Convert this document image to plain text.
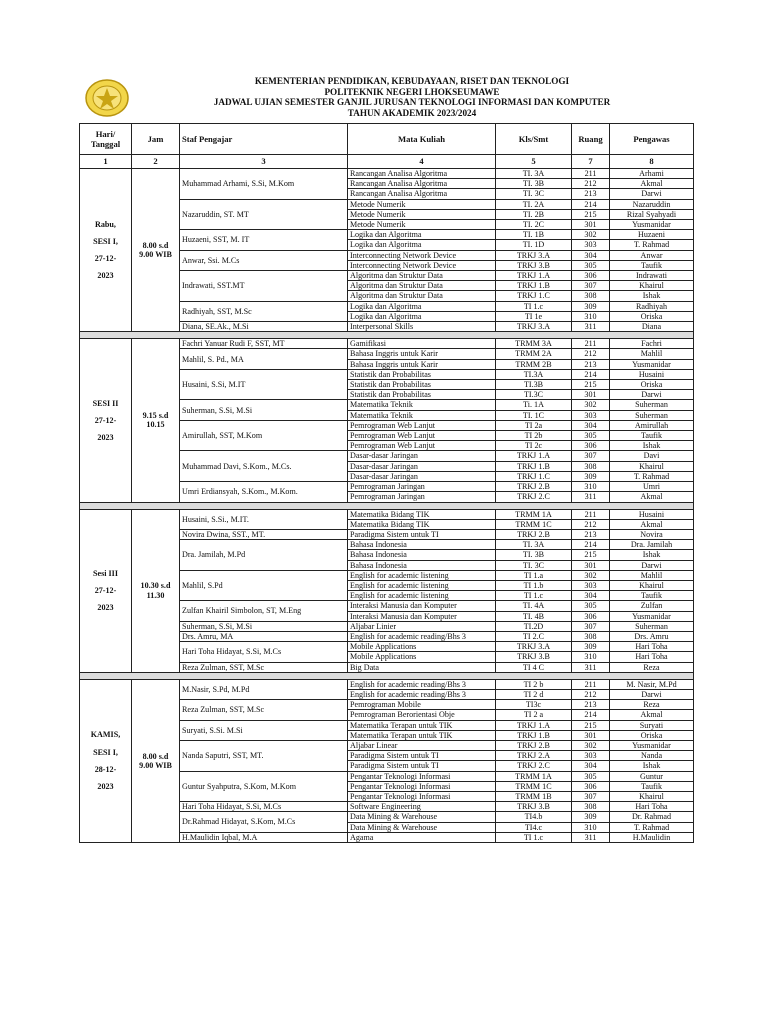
KEMENTERIAN PENDIDIKAN, KEBUDAYAAN, RISET DAN TEKNOLOGI
POLITEKNIK NEGERI LHOKSEUMAWE
JADWAL UJIAN SEMESTER GANJIL JURUSAN TEKNOLOGI INFORMASI DAN KOMPUTER
TAHUN AKADEMIK 2023/2024
Hari/ Tanggal	Jam	Staf Pengajar	Mata Kuliah	Kls/Smt	Ruang	Pengawas
1	2	3	4	5	7	8

Rabu,
SESI I,
27-12-
2023	8.00 s.d
9.00 WIB	Muhammad Arhami, S.Si, M.Kom	Rancangan Analisa Algoritma	TI. 3A	211	Arhami
			Rancangan Analisa Algoritma	TI. 3B	212	Akmal
			Rancangan Analisa Algoritma	TI. 3C	213	Darwi
		Nazaruddin, ST. MT	Metode Numerik	TI. 2A	214	Nazaruddin
			Metode Numerik	TI. 2B	215	Rizal Syahyadi
			Metode Numerik	TI. 2C	301	Yusmanidar
		Huzaeni, SST, M. IT	Logika dan Algoritma	TI. 1B	302	Huzaeni
			Logika dan Algoritma	TI. 1D	303	T. Rahmad
		Anwar, Ssi. M.Cs	Interconnecting Network Device	TRKJ 3.A	304	Anwar
			Interconnecting Network Device	TRKJ 3.B	305	Taufik
		Indrawati, SST.MT	Algoritma dan Struktur Data	TRKJ 1.A	306	Indrawati
			Algoritma dan Struktur Data	TRKJ 1.B	307	Khairul
			Algoritma dan Struktur Data	TRKJ 1.C	308	Ishak
		Radhiyah, SST, M.Sc	Logika dan Algoritma	TI 1.c	309	Radhiyah
			Logika dan Algoritma	TI 1e	310	Oriska
		Diana, SE.Ak., M.Si	Interpersonal Skills	TRKJ 3.A	311	Diana

SESI II
27-12-
2023	9.15 s.d
10.15	Fachri Yanuar Rudi F, SST, MT	Gamifikasi	TRMM 3A	211	Fachri
		Mahlil, S. Pd., MA	Bahasa Inggris untuk Karir	TRMM 2A	212	Mahlil
			Bahasa Inggris untuk Karir	TRMM 2B	213	Yusmanidar
		Husaini, S.Si, M.IT	Statistik dan Probabilitas	TI.3A	214	Husaini
			Statistik dan Probabilitas	TI.3B	215	Oriska
			Statistik dan Probabilitas	TI.3C	301	Darwi
		Suherman, S.Si, M.Si	Matematika Teknik	Ti. 1A	302	Suherman
			Matematika Teknik	TI. 1C	303	Suherman
		Amirullah, SST, M.Kom	Pemrograman Web Lanjut	TI 2a	304	Amirullah
			Pemrograman Web Lanjut	TI 2b	305	Taufik
			Pemrograman Web Lanjut	TI 2c	306	Ishak
		Muhammad Davi, S.Kom., M.Cs.	Dasar-dasar Jaringan	TRKJ 1.A	307	Davi
			Dasar-dasar Jaringan	TRKJ 1.B	308	Khairul
			Dasar-dasar Jaringan	TRKJ 1.C	309	T. Rahmad
		Umri Erdiansyah, S.Kom., M.Kom.	Pemrograman Jaringan	TRKJ 2.B	310	Umri
			Pemrograman Jaringan	TRKJ 2.C	311	Akmal

Sesi III
27-12-
2023	10.30 s.d
11.30	Husaini, S.Si., M.IT.	Matematika Bidang TIK	TRMM 1A	211	Husaini
			Matematika Bidang TIK	TRMM 1C	212	Akmal
		Novira Dwina, SST., MT.	Paradigma Sistem untuk TI	TRKJ 2.B	213	Novira
		Dra. Jamilah, M.Pd	Bahasa Indonesia	TI. 3A	214	Dra. Jamilah
			Bahasa Indonesia	TI. 3B	215	Ishak
			Bahasa Indonesia	TI. 3C	301	Darwi
		Mahlil, S.Pd	English for academic listening	TI 1.a	302	Mahlil
			English for academic listening	TI 1.b	303	Khairul
			English for academic listening	TI 1.c	304	Taufik
		Zulfan Khairil Simbolon, ST, M.Eng	Interaksi Manusia dan Komputer	TI. 4A	305	Zulfan
			Interaksi Manusia dan Komputer	TI. 4B	306	Yusmanidar
		Suherman, S.Si, M.Si	Aljabar Linier	TI.2D	307	Suherman
		Drs. Amru, MA	English for academic reading/Bhs 3	TI 2.C	308	Drs. Amru
		Hari Toha Hidayat, S.Si, M.Cs	Mobile Applications	TRKJ 3.A	309	Hari Toha
			Mobile Applications	TRKJ 3.B	310	Hari Toha
		Reza Zulman, SST, M.Sc	Big Data	TI 4 C	311	Reza

KAMIS,
SESI I,
28-12-
2023	8.00 s.d
9.00 WIB	M.Nasir, S.Pd, M.Pd	English for academic reading/Bhs 3	TI 2 b	211	M. Nasir, M.Pd
			English for academic reading/Bhs 3	TI 2 d	212	Darwi
		Reza Zulman, SST, M.Sc	Pemrograman Mobile	TI3c	213	Reza
			Pemrograman Berorientasi Obje	TI 2 a	214	Akmal
		Suryati, S.Si. M.Si	Matematika Terapan untuk TIK	TRKJ 1.A	215	Suryati
			Matematika Terapan untuk TIK	TRKJ 1.B	301	Oriska
		Nanda Saputri, SST, MT.	Aljabar Linear	TRKJ 2.B	302	Yusmanidar
			Paradigma Sistem untuk TI	TRKJ 2.A	303	Nanda
			Paradigma Sistem untuk TI	TRKJ 2.C	304	Ishak
		Guntur Syahputra, S.Kom, M.Kom	Pengantar Teknologi Informasi	TRMM 1A	305	Guntur
			Pengantar Teknologi Informasi	TRMM 1C	306	Taufik
			Pengantar Teknologi Informasi	TRMM 1B	307	Khairul
		Hari Toha Hidayat, S.Si, M.Cs	Software Engineering	TRKJ 3.B	308	Hari Toha
		Dr.Rahmad Hidayat, S.Kom, M.Cs	Data Mining & Warehouse	TI4.b	309	Dr. Rahmad
			Data Mining & Warehouse	TI4.c	310	T. Rahmad
		H.Maulidin Iqbal, M.A	Agama	TI 1.c	311	H.Maulidin
